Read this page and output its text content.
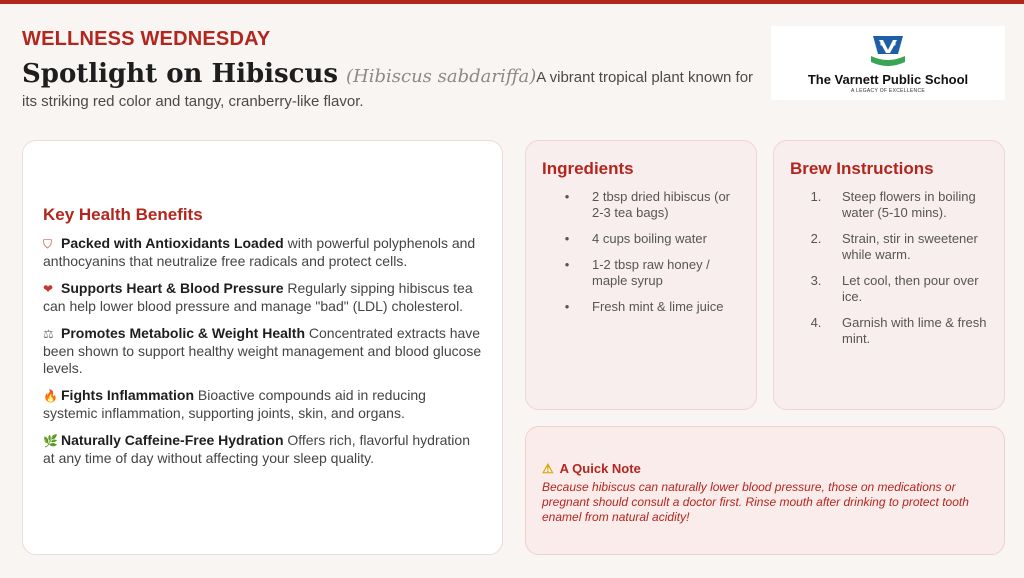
WELLNESS WEDNESDAY

Spotlight on Hibiscus (Hibiscus sabdariffa)A vibrant tropical plant known for its striking red color and tangy, cranberry-like flavor.
The Varnett Public School
A LEGACY OF EXCELLENCE

Key Health Benefits

⛉ Packed with Antioxidants Loaded with powerful polyphenols and anthocyanins that neutralize free radicals and protect cells.
❤ Supports Heart & Blood Pressure Regularly sipping hibiscus tea can help lower blood pressure and manage "bad" (LDL) cholesterol.
⚖ Promotes Metabolic & Weight Health Concentrated extracts have been shown to support healthy weight management and blood glucose levels.
🔥 Fights Inflammation Bioactive compounds aid in reducing systemic inflammation, supporting joints, skin, and organs.
🌿 Naturally Caffeine-Free Hydration Offers rich, flavorful hydration at any time of day without affecting your sleep quality.

Ingredients

•	2 tbsp dried hibiscus (or 2-3 tea bags)
•	4 cups boiling water
•	1-2 tbsp raw honey / maple syrup
•	Fresh mint & lime juice

Brew Instructions

1.	Steep flowers in boiling water (5-10 mins).
2.	Strain, stir in sweetener while warm.
3.	Let cool, then pour over ice.
4.	Garnish with lime & fresh mint.
⚠ A Quick Note
Because hibiscus can naturally lower blood pressure, those on medications or pregnant should consult a doctor first. Rinse mouth after drinking to protect tooth enamel from natural acidity!
